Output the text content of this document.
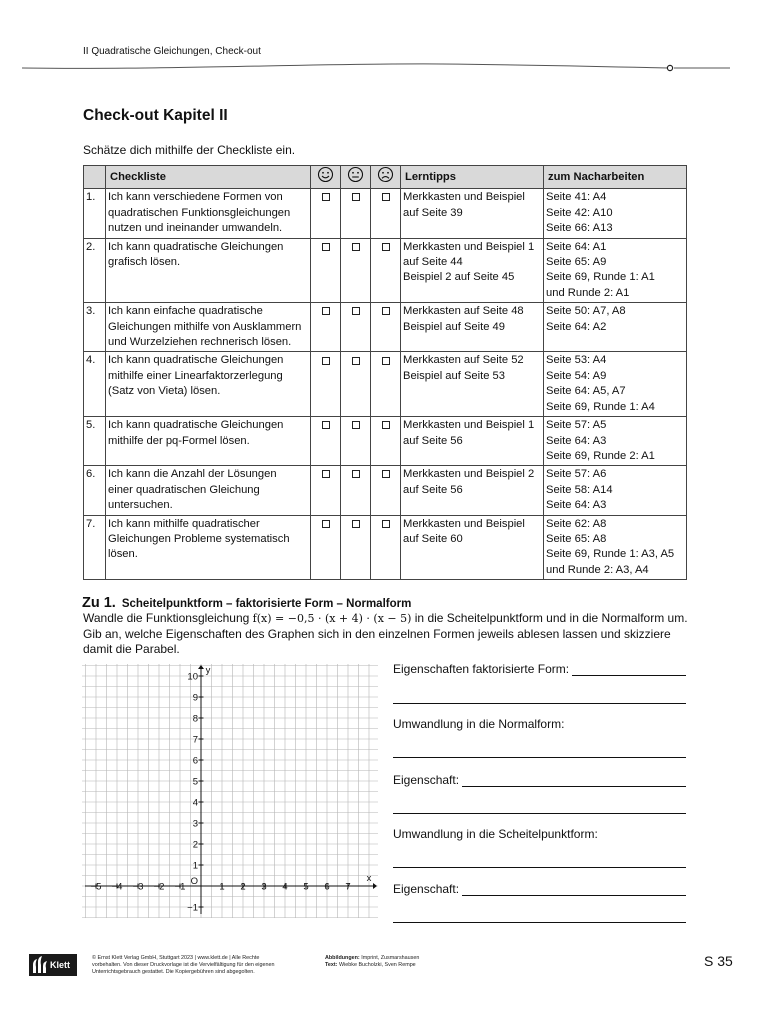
II Quadratische Gleichungen, Check-out
Check-out Kapitel II
Schätze dich mithilfe der Checkliste ein.
	Checkliste				Lerntipps	zum Nacharbeiten
1.	Ich kann verschiedene Formen von
quadratischen Funktionsgleichungen
nutzen und ineinander umwandeln.				Merkkasten und Beispiel
auf Seite 39	Seite 41: A4
Seite 42: A10
Seite 66: A13

2.	Ich kann quadratische Gleichungen
grafisch lösen.				Merkkasten und Beispiel 1
auf Seite 44
Beispiel 2 auf Seite 45	Seite 64: A1
Seite 65: A9
Seite 69, Runde 1: A1
und Runde 2: A1

3.	Ich kann einfache quadratische
Gleichungen mithilfe von Ausklammern
und Wurzelziehen rechnerisch lösen.				Merkkasten auf Seite 48
Beispiel auf Seite 49	Seite 50: A7, A8
Seite 64: A2

4.	Ich kann quadratische Gleichungen
mithilfe einer Linearfaktorzerlegung
(Satz von Vieta) lösen.				Merkkasten auf Seite 52
Beispiel auf Seite 53	Seite 53: A4
Seite 54: A9
Seite 64: A5, A7
Seite 69, Runde 1: A4

5.	Ich kann quadratische Gleichungen
mithilfe der pq-Formel lösen.				Merkkasten und Beispiel 1
auf Seite 56	Seite 57: A5
Seite 64: A3
Seite 69, Runde 2: A1

6.	Ich kann die Anzahl der Lösungen
einer quadratischen Gleichung
untersuchen.				Merkkasten und Beispiel 2
auf Seite 56	Seite 57: A6
Seite 58: A14
Seite 64: A3

7.	Ich kann mithilfe quadratischer
Gleichungen Probleme systematisch
lösen.				Merkkasten und Beispiel
auf Seite 60	Seite 62: A8
Seite 65: A8
Seite 69, Runde 1: A3, A5
und Runde 2: A3, A4
Zu 1. Scheitelpunktform – faktorisierte Form – Normalform
Wandle die Funktionsgleichung f(x) = −0,5 · (x + 4) · (x − 5) in die Scheitelpunktform und in die Normalform um. Gib an, welche Eigenschaften des Graphen sich in den einzelnen Formen jeweils ablesen lassen und skizziere damit die Parabel.
−5 −4 −3 −2 −1	1 2 3 4 5 6 7
10
9
8
7
6
5
4
3
2
1
−1
O	x
y	Eigenschaften faktorisierte Form:
Umwandlung in die Normalform:
Eigenschaft:
Umwandlung in die Scheitelpunktform:
Eigenschaft:
Klett
© Ernst Klett Verlag GmbH, Stuttgart 2023 | www.klett.de | Alle Rechte
vorbehalten. Von dieser Druckvorlage ist die Vervielfältigung für den eigenen
Unterrichtsgebrauch gestattet. Die Kopiergebühren sind abgegolten.
Abbildungen: Imprint, Zusmarshausen
Text: Wiebke Bucholzki, Sven Rempe	S 35
